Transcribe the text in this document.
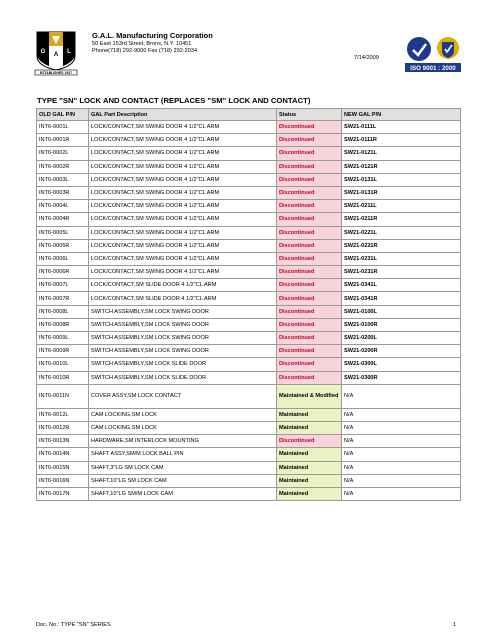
G A L
ESTABLISHED 1937
G.A.L. Manufacturing Corporation
50 East 153rd Street, Bronx, N.Y. 10451
Phone(718) 292-9000 Fax (718) 292-2034
7/14/2009
ISO 9001 : 2000
TYPE "SN" LOCK AND CONTACT (REPLACES "SM" LOCK AND CONTACT)
OLD GAL P/N	GAL Part Description	Status	NEW GAL P/N
INT6-0001L	LOCK/CONTACT,SM SWING DOOR 4 1/2"CL ARM	Discontinued	SW21-0111L
INT6-0001R	LOCK/CONTACT,SM SWING DOOR 4 1/2"CL ARM	Discontinued	SW21-0111R
INT6-0002L	LOCK/CONTACT,SM SWING DOOR 4 1/2"CL ARM	Discontinued	SW21-0121L
INT6-0002R	LOCK/CONTACT,SM SWING DOOR 4 1/2"CL ARM	Discontinued	SW21-0121R
INT6-0003L	LOCK/CONTACT,SM SWING DOOR 4 1/2"CL ARM	Discontinued	SW21-0131L
INT6-0003R	LOCK/CONTACT,SM SWING DOOR 4 1/2"CL ARM	Discontinued	SW21-0131R
INT6-0004L	LOCK/CONTACT,SM SWING DOOR 4 1/2"CL ARM	Discontinued	SW21-0211L
INT6-0004R	LOCK/CONTACT,SM SWING DOOR 4 1/2"CL ARM	Discontinued	SW21-0211R
INT6-0005L	LOCK/CONTACT,SM SWING DOOR 4 1/2"CL ARM	Discontinued	SW21-0221L
INT6-0005R	LOCK/CONTACT,SM SWING DOOR 4 1/2"CL ARM	Discontinued	SW21-0221R
INT6-0006L	LOCK/CONTACT,SM SWING DOOR 4 1/2"CL ARM	Discontinued	SW21-0231L
INT6-0006R	LOCK/CONTACT,SM SWING DOOR 4 1/2"CL ARM	Discontinued	SW21-0231R
INT6-0007L	LOCK/CONTACT,SM SLIDE DOOR 4 1/2"CL ARM	Discontinued	SW21-0341L
INT6-0007R	LOCK/CONTACT,SM SLIDE DOOR 4 1/2"CL ARM	Discontinued	SW21-0341R
INT6-0008L	SWITCH ASSEMBLY,SM LOCK SWING DOOR	Discontinued	SW21-0100L
INT6-0008R	SWITCH ASSEMBLY,SM LOCK SWING DOOR	Discontinued	SW21-0100R
INT6-0009L	SWITCH ASSEMBLY,SM LOCK SWING DOOR	Discontinued	SW21-0200L
INT6-0009R	SWITCH ASSEMBLY,SM LOCK SWING DOOR	Discontinued	SW21-0200R
INT6-0010L	SWITCH ASSEMBLY,SM LOCK SLIDE DOOR	Discontinued	SW21-0300L
INT6-0010R	SWITCH ASSEMBLY,SM LOCK SLIDE DOOR	Discontinued	SW21-0300R
INT6-0011N	COVER ASSY,SM LOCK CONTACT	Maintained & Modified	N/A
INT6-0012L	CAM LOCKING,SM LOCK	Maintained	N/A
INT6-0012R	CAM LOCKING,SM LOCK	Maintained	N/A
INT6-0013N	HARDWARE,SM INTERLOCK MOUNTING	Discontinued	N/A
INT6-0014N	SHAFT ASSY,SM/M LOCK BALL PIN	Maintained	N/A
INT6-0015N	SHAFT,3"LG SM LOCK CAM	Maintained	N/A
INT6-0016N	SHAFT,10"LG SM LOCK CAM	Maintained	N/A
INT6-0017N	SHAFT,10"LG SM/M LOCK CAM	Maintained	N/A
Doc. No.: TYPE "SN" SERIES	1
